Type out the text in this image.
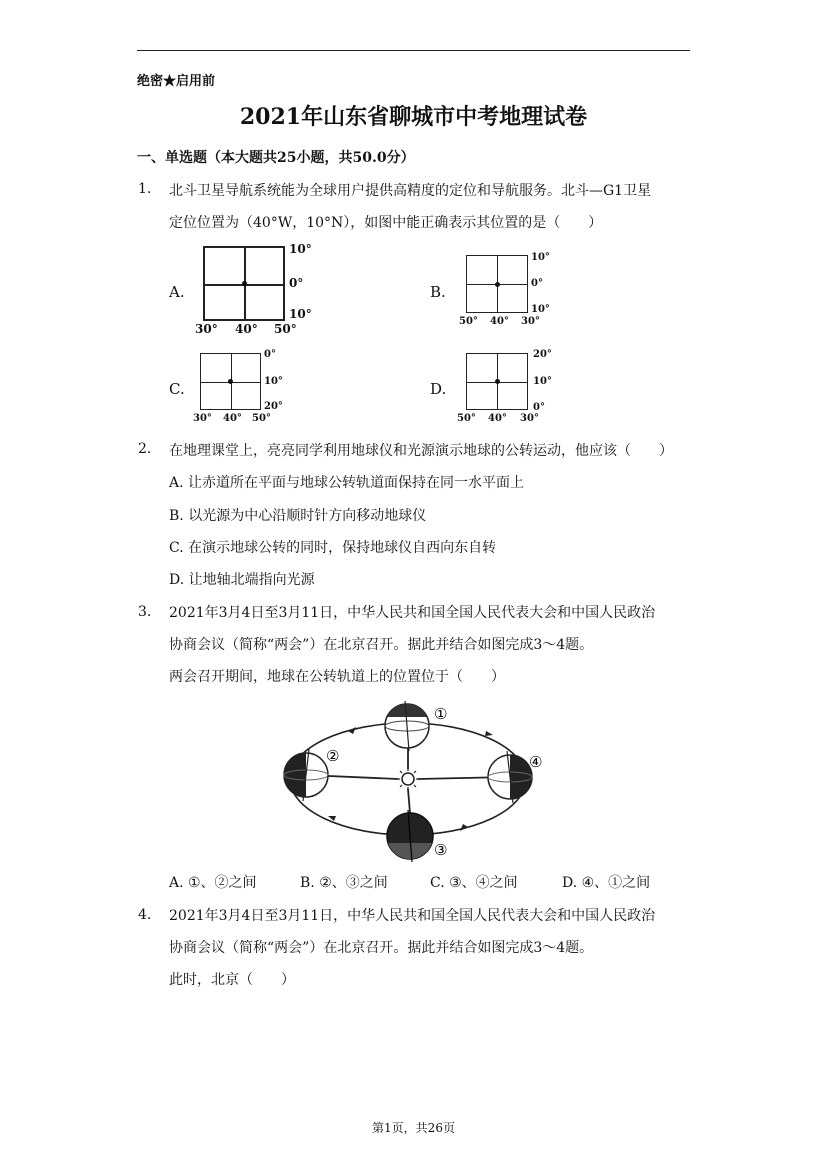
绝密★启用前
2021年山东省聊城市中考地理试卷
一、单选题（本大题共25小题，共50.0分）
1. 北斗卫星导航系统能为全球用户提供高精度的定位和导航服务。北斗—G1卫星
定位位置为（40°W，10°N），如图中能正确表示其位置的是（　　）
A.
10°
0°
10°
30° 40° 50°
B.
10°
0°
10°
50° 40° 30°
C.
0°
10°
20°
30° 40° 50°
D.
20°
10°
0°
50° 40° 30°
2. 在地理课堂上，亮亮同学利用地球仪和光源演示地球的公转运动，他应该（　　）
A. 让赤道所在平面与地球公转轨道面保持在同一水平面上
B. 以光源为中心沿顺时针方向移动地球仪
C. 在演示地球公转的同时，保持地球仪自西向东自转
D. 让地轴北端指向光源
3. 2021年3月4日至3月11日，中华人民共和国全国人民代表大会和中国人民政治
协商会议（简称“两会”）在北京召开。据此并结合如图完成3～4题。
两会召开期间，地球在公转轨道上的位置位于（　　）
①
②
③
④
A. ①、②之间	B. ②、③之间	C. ③、④之间	D. ④、①之间
4. 2021年3月4日至3月11日，中华人民共和国全国人民代表大会和中国人民政治
协商会议（简称“两会”）在北京召开。据此并结合如图完成3～4题。
此时，北京（　　）
第1页，共26页
